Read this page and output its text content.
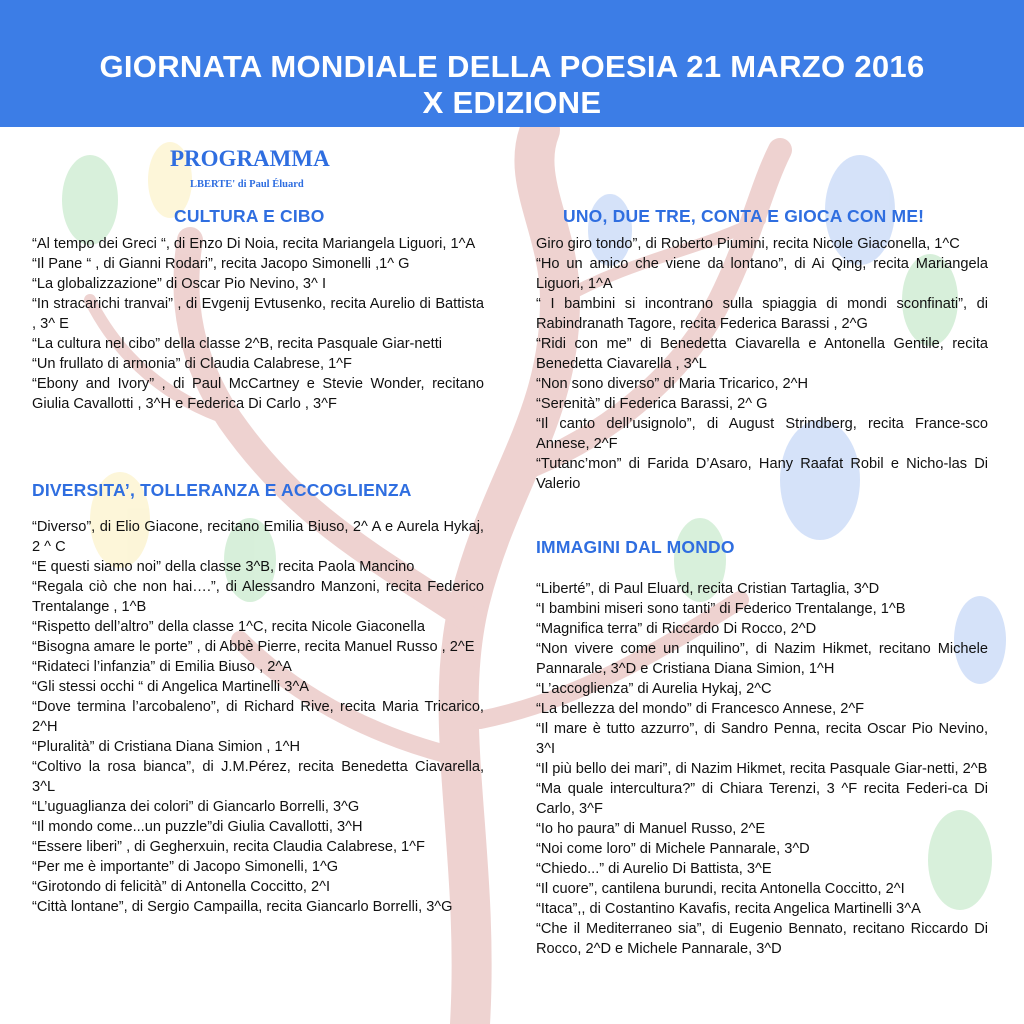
GIORNATA MONDIALE DELLA POESIA 21 MARZO 2016
X EDIZIONE
PROGRAMMA
LBERTE' di Paul Éluard
CULTURA E CIBO

“Al tempo dei Greci “, di Enzo Di Noia, recita Mariangela Liguori, 1^A

“Il Pane “ , di Gianni Rodari”, recita Jacopo Simonelli ,1^ G

“La globalizzazione” di Oscar Pio Nevino, 3^ I

“In stracarichi tranvai” , di Evgenij Evtusenko, recita Aurelio di Battista , 3^ E

“La cultura nel cibo” della classe 2^B, recita Pasquale Giar-netti

“Un frullato di armonia” di Claudia Calabrese, 1^F

“Ebony and Ivory” , di Paul McCartney e Stevie Wonder, recitano Giulia Cavallotti , 3^H e Federica Di Carlo , 3^F

DIVERSITA’, TOLLERANZA E ACCOGLIENZA

“Diverso”, di Elio Giacone, recitano Emilia Biuso, 2^ A e Aurela Hykaj, 2 ^ C

“E questi siamo noi” della classe 3^B, recita Paola Mancino

“Regala ciò che non hai….”, di Alessandro Manzoni, recita Federico Trentalange , 1^B

“Rispetto dell’altro” della classe 1^C, recita Nicole Giaconella

“Bisogna amare le porte” , di Abbè Pierre, recita Manuel Russo , 2^E

“Ridateci l’infanzia” di Emilia Biuso , 2^A

“Gli stessi occhi “ di Angelica Martinelli 3^A

“Dove termina l’arcobaleno”, di Richard Rive, recita Maria Tricarico, 2^H

“Pluralità” di Cristiana Diana Simion , 1^H

“Coltivo la rosa bianca”, di J.M.Pérez, recita Benedetta Ciavarella, 3^L

“L’uguaglianza dei colori” di Giancarlo Borrelli, 3^G

“Il mondo come...un puzzle”di Giulia Cavallotti, 3^H

“Essere liberi” , di Gegherxuin, recita Claudia Calabrese, 1^F

“Per me è importante” di Jacopo Simonelli, 1^G

“Girotondo di felicità” di Antonella Coccitto, 2^I

“Città lontane”, di Sergio Campailla, recita Giancarlo Borrelli, 3^G

UNO, DUE TRE, CONTA E GIOCA CON ME!

Giro giro tondo”, di Roberto Piumini, recita Nicole Giaconella, 1^C

“Ho un amico che viene da lontano”, di Ai Qing, recita Mariangela Liguori, 1^A

“ I bambini si incontrano sulla spiaggia di mondi sconfinati”, di Rabindranath Tagore, recita Federica Barassi , 2^G

“Ridi con me” di Benedetta Ciavarella e Antonella Gentile, recita Benedetta Ciavarella , 3^L

“Non sono diverso” di Maria Tricarico, 2^H

“Serenità” di Federica Barassi, 2^ G

“Il canto dell’usignolo”, di August Strindberg, recita France-sco Annese, 2^F

“Tutanc’mon” di Farida D’Asaro, Hany Raafat Robil e Nicho-las Di Valerio

IMMAGINI DAL MONDO

“Liberté”, di Paul Eluard, recita Cristian Tartaglia, 3^D

“I bambini miseri sono tanti” di Federico Trentalange, 1^B

“Magnifica terra” di Riccardo Di Rocco, 2^D

“Non vivere come un inquilino”, di Nazim Hikmet, recitano Michele Pannarale, 3^D e Cristiana Diana Simion, 1^H

“L’accoglienza” di Aurelia Hykaj, 2^C

“La bellezza del mondo” di Francesco Annese, 2^F

“Il mare è tutto azzurro”, di Sandro Penna, recita Oscar Pio Nevino, 3^I

“Il più bello dei mari”, di Nazim Hikmet, recita Pasquale Giar-netti, 2^B

“Ma quale intercultura?” di Chiara Terenzi, 3 ^F recita Federi-ca Di Carlo, 3^F

“Io ho paura” di Manuel Russo, 2^E

“Noi come loro” di Michele Pannarale, 3^D

“Chiedo...” di Aurelio Di Battista, 3^E

“Il cuore”, cantilena burundi, recita Antonella Coccitto, 2^I

“Itaca”,, di Costantino Kavafis, recita Angelica Martinelli 3^A

“Che il Mediterraneo sia”, di Eugenio Bennato, recitano Riccardo Di Rocco, 2^D e Michele Pannarale, 3^D
